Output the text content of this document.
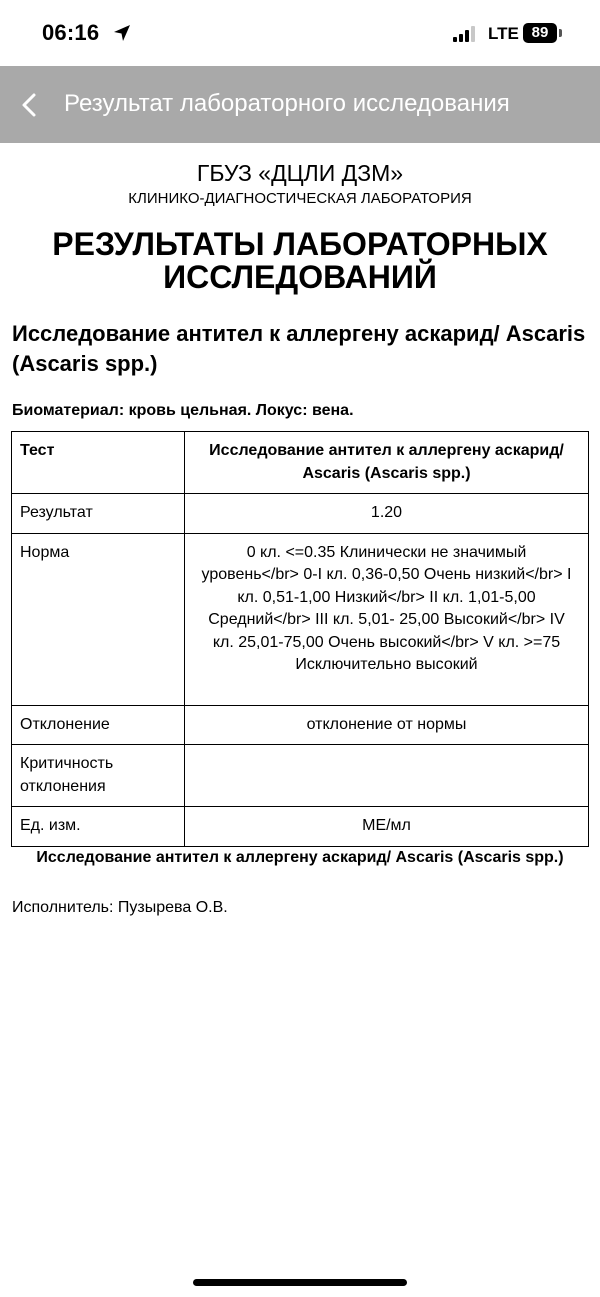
06:16	LTE 89
Результат лабораторного исследования
ГБУЗ «ДЦЛИ ДЗМ»
КЛИНИКО-ДИАГНОСТИЧЕСКАЯ ЛАБОРАТОРИЯ
РЕЗУЛЬТАТЫ ЛАБОРАТОРНЫХ ИССЛЕДОВАНИЙ
Исследование антител к аллергену аскарид/ Ascaris (Ascaris spp.)
Биоматериал: кровь цельная. Локус: вена.
Тест	Исследование антител к аллергену аскарид/ Ascaris (Ascaris spp.)
Результат	1.20
Норма	0 кл. <=0.35 Клинически не значимый уровень</br> 0-I кл. 0,36-0,50 Очень низкий</br> I кл. 0,51-1,00 Низкий</br> II кл. 1,01-5,00 Средний</br> III кл. 5,01- 25,00 Высокий</br> IV кл. 25,01-75,00 Очень высокий</br> V кл. >=75 Исключительно высокий
Отклонение	отклонение от нормы
Критичность отклонения	
Ед. изм.	МЕ/мл
Исследование антител к аллергену аскарид/ Ascaris (Ascaris spp.)
Исполнитель: Пузырева О.В.
